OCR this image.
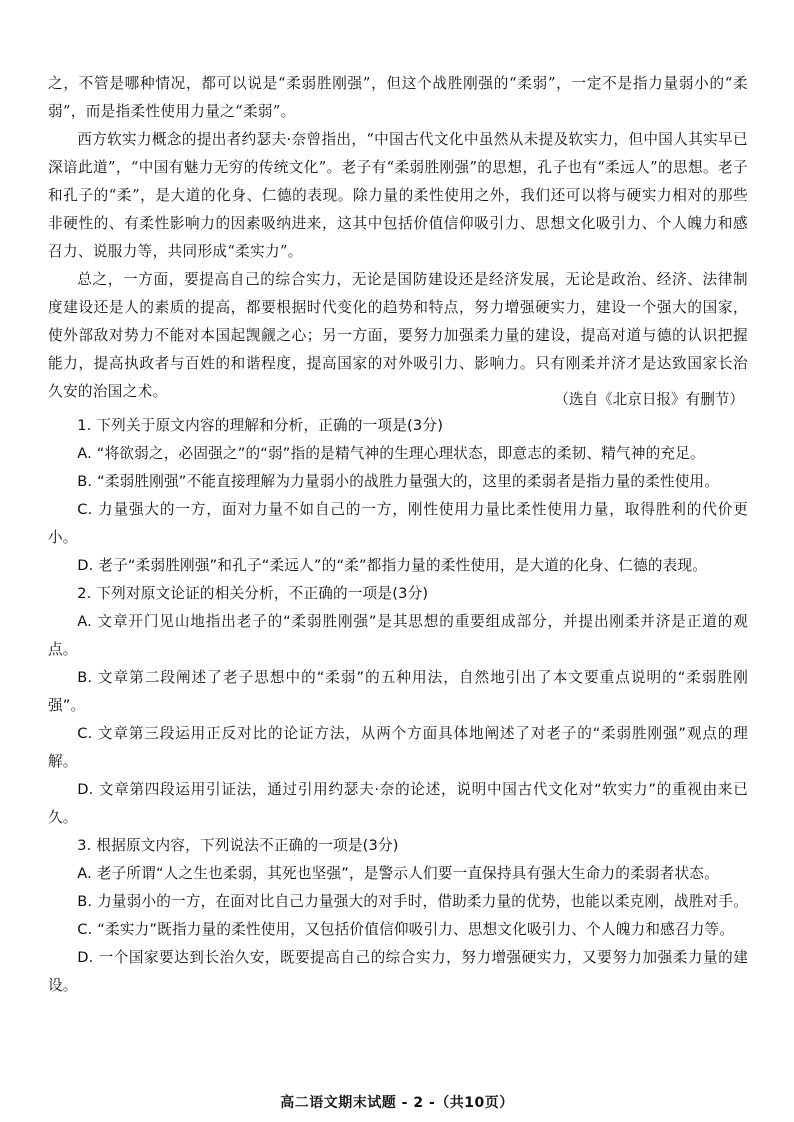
之，不管是哪种情况，都可以说是“柔弱胜刚强”，但这个战胜刚强的“柔弱”，一定不是指力量弱小的“柔弱”，而是指柔性使用力量之“柔弱”。

西方软实力概念的提出者约瑟夫·奈曾指出，“中国古代文化中虽然从未提及软实力，但中国人其实早已深谙此道”，“中国有魅力无穷的传统文化”。老子有“柔弱胜刚强”的思想，孔子也有“柔远人”的思想。老子和孔子的“柔”，是大道的化身、仁德的表现。除力量的柔性使用之外，我们还可以将与硬实力相对的那些非硬性的、有柔性影响力的因素吸纳进来，这其中包括价值信仰吸引力、思想文化吸引力、个人魄力和感召力、说服力等，共同形成“柔实力”。

总之，一方面，要提高自己的综合实力，无论是国防建设还是经济发展，无论是政治、经济、法律制度建设还是人的素质的提高，都要根据时代变化的趋势和特点，努力增强硬实力，建设一个强大的国家，使外部敌对势力不能对本国起觊觎之心；另一方面，要努力加强柔力量的建设，提高对道与德的认识把握能力，提高执政者与百姓的和谐程度，提高国家的对外吸引力、影响力。只有刚柔并济才是达致国家长治久安的治国之术。	（选自《北京日报》有删节）

1. 下列关于原文内容的理解和分析，正确的一项是(3分)

A. “将欲弱之，必固强之”的“弱”指的是精气神的生理心理状态，即意志的柔韧、精气神的充足。

B. “柔弱胜刚强”不能直接理解为力量弱小的战胜力量强大的，这里的柔弱者是指力量的柔性使用。

C. 力量强大的一方，面对力量不如自己的一方，刚性使用力量比柔性使用力量，取得胜利的代价更小。

D. 老子“柔弱胜刚强”和孔子“柔远人”的“柔”都指力量的柔性使用，是大道的化身、仁德的表现。

2. 下列对原文论证的相关分析，不正确的一项是(3分)

A. 文章开门见山地指出老子的“柔弱胜刚强”是其思想的重要组成部分，并提出刚柔并济是正道的观点。

B. 文章第二段阐述了老子思想中的“柔弱”的五种用法，自然地引出了本文要重点说明的“柔弱胜刚强”。

C. 文章第三段运用正反对比的论证方法，从两个方面具体地阐述了对老子的“柔弱胜刚强”观点的理解。

D. 文章第四段运用引证法，通过引用约瑟夫·奈的论述，说明中国古代文化对“软实力”的重视由来已久。

3. 根据原文内容，下列说法不正确的一项是(3分)

A. 老子所谓“人之生也柔弱，其死也坚强”，是警示人们要一直保持具有强大生命力的柔弱者状态。

B. 力量弱小的一方，在面对比自己力量强大的对手时，借助柔力量的优势，也能以柔克刚，战胜对手。

C. “柔实力”既指力量的柔性使用，又包括价值信仰吸引力、思想文化吸引力、个人魄力和感召力等。

D. 一个国家要达到长治久安，既要提高自己的综合实力，努力增强硬实力，又要努力加强柔力量的建设。

高二语文期末试题 - 2 -（共10页）
